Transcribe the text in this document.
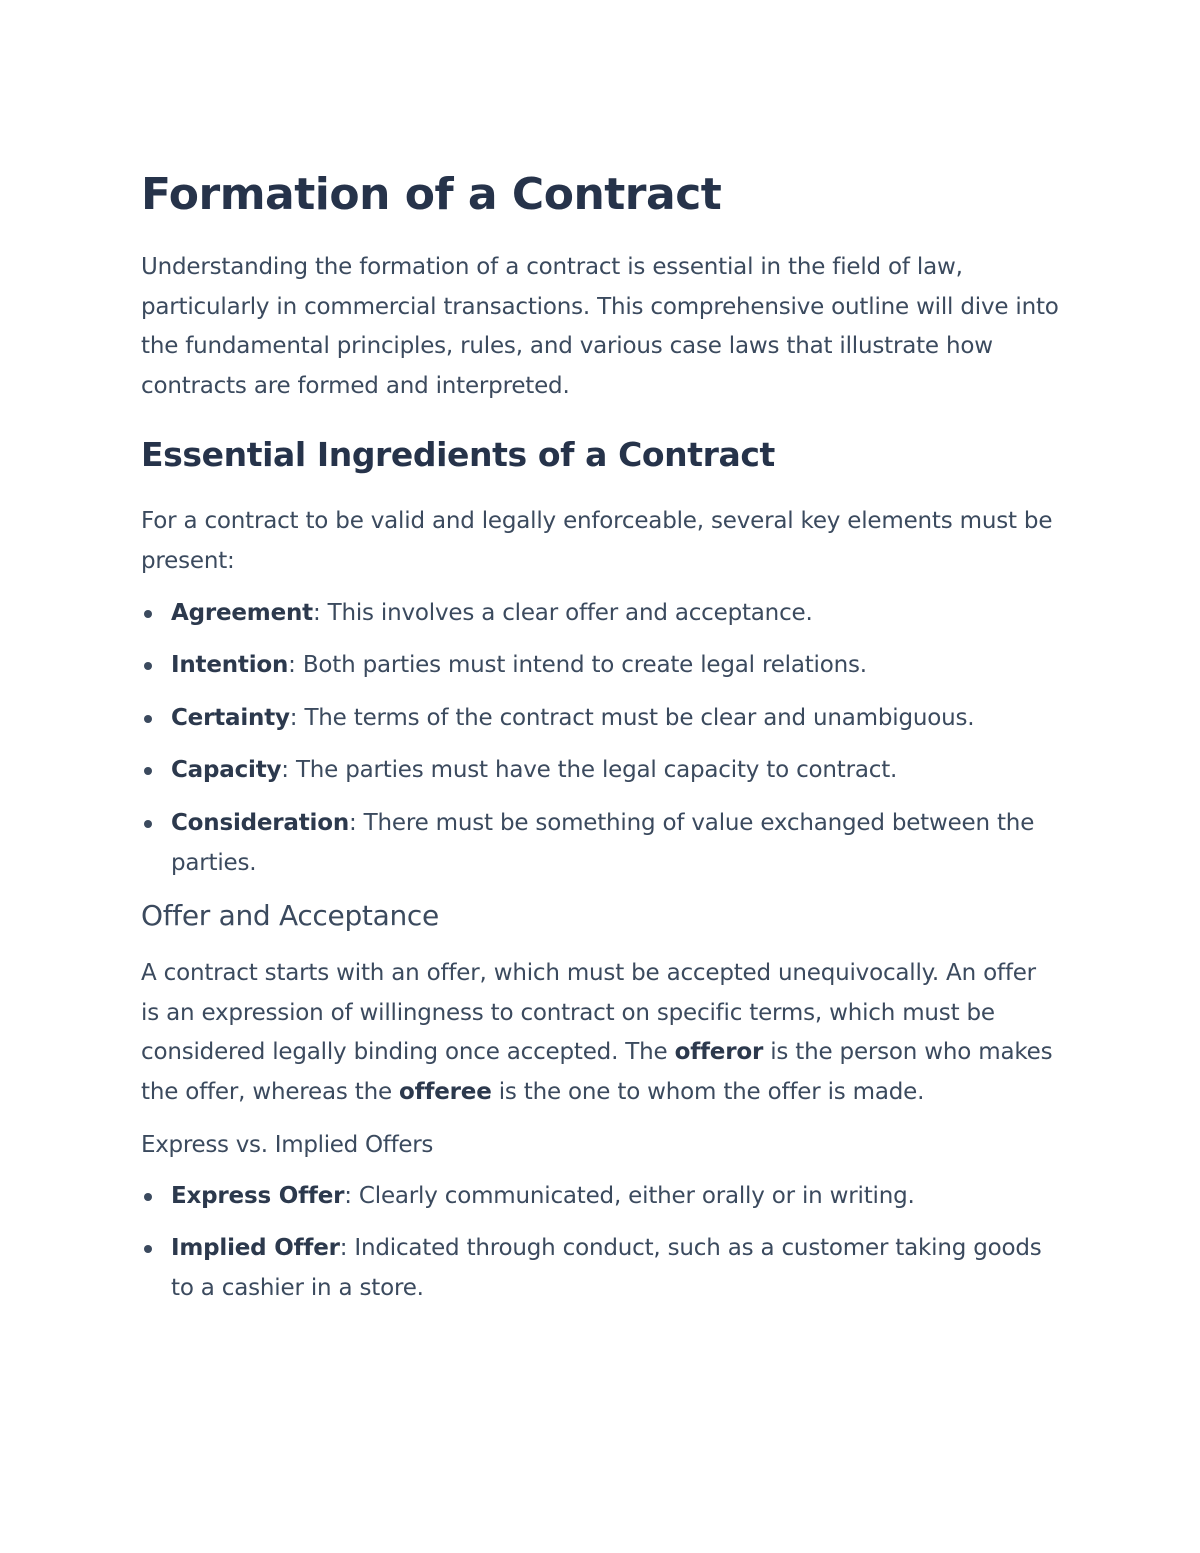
Formation of a Contract

Understanding the formation of a contract is essential in the field of law, particularly in commercial transactions. This comprehensive outline will dive into the fundamental principles, rules, and various case laws that illustrate how contracts are formed and interpreted.

Essential Ingredients of a Contract

For a contract to be valid and legally enforceable, several key elements must be present:

Agreement: This involves a clear offer and acceptance.
Intention: Both parties must intend to create legal relations.
Certainty: The terms of the contract must be clear and unambiguous.
Capacity: The parties must have the legal capacity to contract.
Consideration: There must be something of value exchanged between the parties.
Offer and Acceptance

A contract starts with an offer, which must be accepted unequivocally. An offer is an expression of willingness to contract on specific terms, which must be considered legally binding once accepted. The offeror is the person who makes the offer, whereas the offeree is the one to whom the offer is made.

Express vs. Implied Offers
Express Offer: Clearly communicated, either orally or in writing.
Implied Offer: Indicated through conduct, such as a customer taking goods to a cashier in a store.
